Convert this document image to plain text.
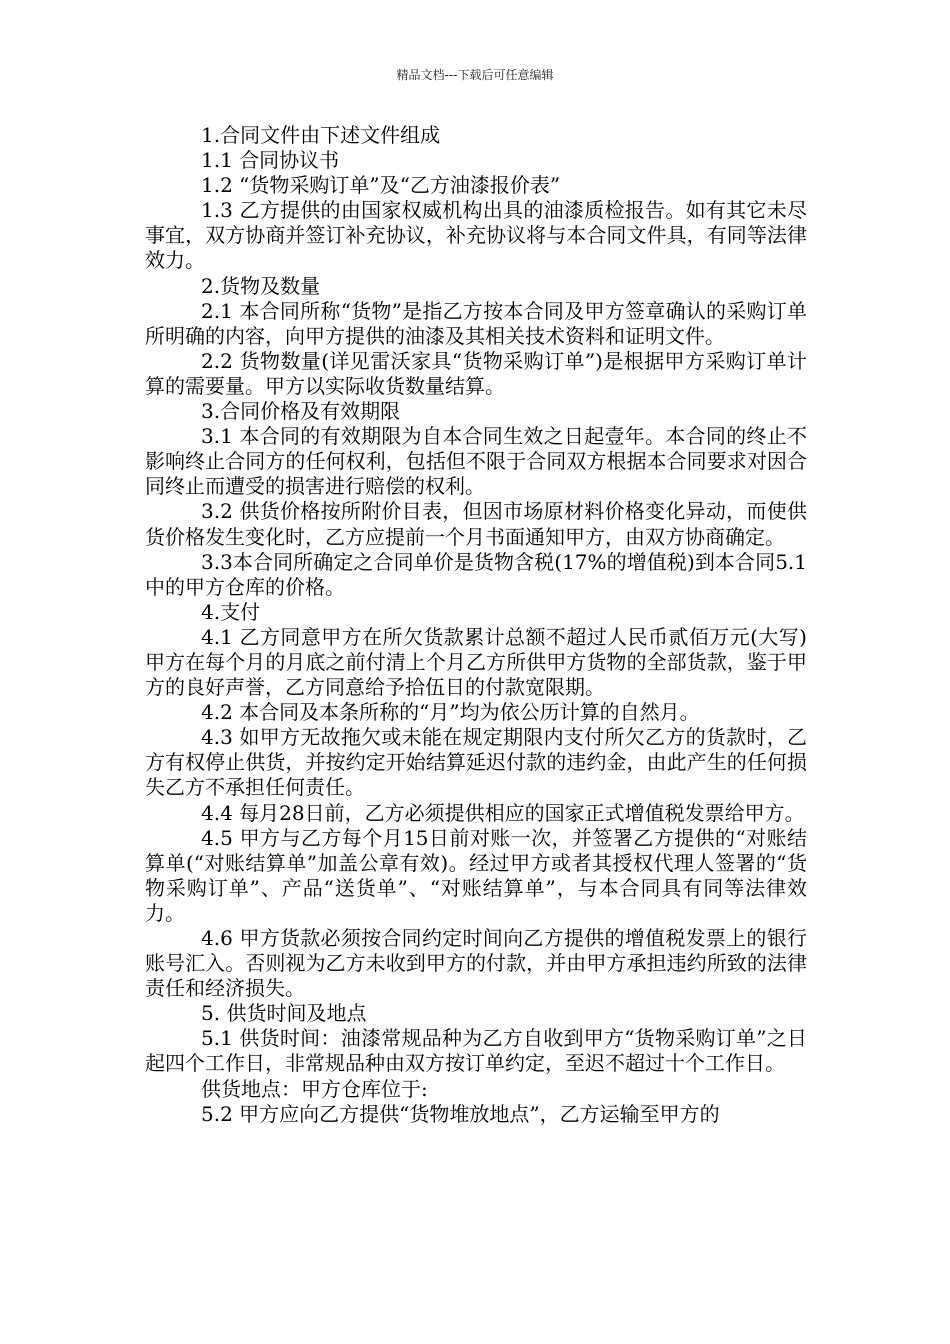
精品文档---下载后可任意编辑

1.合同文件由下述文件组成

1.1 合同协议书

1.2 “货物采购订单”及“乙方油漆报价表”

1.3 乙方提供的由国家权威机构出具的油漆质检报告。如有其它未尽事宜，双方协商并签订补充协议，补充协议将与本合同文件具，有同等法律效力。

2.货物及数量

2.1 本合同所称“货物”是指乙方按本合同及甲方签章确认的采购订单所明确的内容，向甲方提供的油漆及其相关技术资料和证明文件。

2.2 货物数量(详见雷沃家具“货物采购订单”)是根据甲方采购订单计算的需要量。甲方以实际收货数量结算。

3.合同价格及有效期限

3.1 本合同的有效期限为自本合同生效之日起壹年。本合同的终止不影响终止合同方的任何权利，包括但不限于合同双方根据本合同要求对因合同终止而遭受的损害进行赔偿的权利。

3.2 供货价格按所附价目表，但因市场原材料价格变化异动，而使供货价格发生变化时，乙方应提前一个月书面通知甲方，由双方协商确定。

3.3本合同所确定之合同单价是货物含税(17%的增值税)到本合同5.1中的甲方仓库的价格。

4.支付

4.1 乙方同意甲方在所欠货款累计总额不超过人民币贰佰万元(大写)甲方在每个月的月底之前付清上个月乙方所供甲方货物的全部货款，鉴于甲方的良好声誉，乙方同意给予拾伍日的付款宽限期。

4.2 本合同及本条所称的“月”均为依公历计算的自然月。

4.3 如甲方无故拖欠或未能在规定期限内支付所欠乙方的货款时，乙方有权停止供货，并按约定开始结算延迟付款的违约金，由此产生的任何损失乙方不承担任何责任。

4.4 每月28日前，乙方必须提供相应的国家正式增值税发票给甲方。

4.5 甲方与乙方每个月15日前对账一次，并签署乙方提供的“对账结算单(“对账结算单”加盖公章有效)。经过甲方或者其授权代理人签署的“货物采购订单”、产品“送货单”、“对账结算单”，与本合同具有同等法律效力。

4.6 甲方货款必须按合同约定时间向乙方提供的增值税发票上的银行账号汇入。否则视为乙方未收到甲方的付款，并由甲方承担违约所致的法律责任和经济损失。

5. 供货时间及地点

5.1 供货时间：油漆常规品种为乙方自收到甲方“货物采购订单”之日起四个工作日，非常规品种由双方按订单约定，至迟不超过十个工作日。

供货地点：甲方仓库位于:

5.2 甲方应向乙方提供“货物堆放地点”，乙方运输至甲方的
